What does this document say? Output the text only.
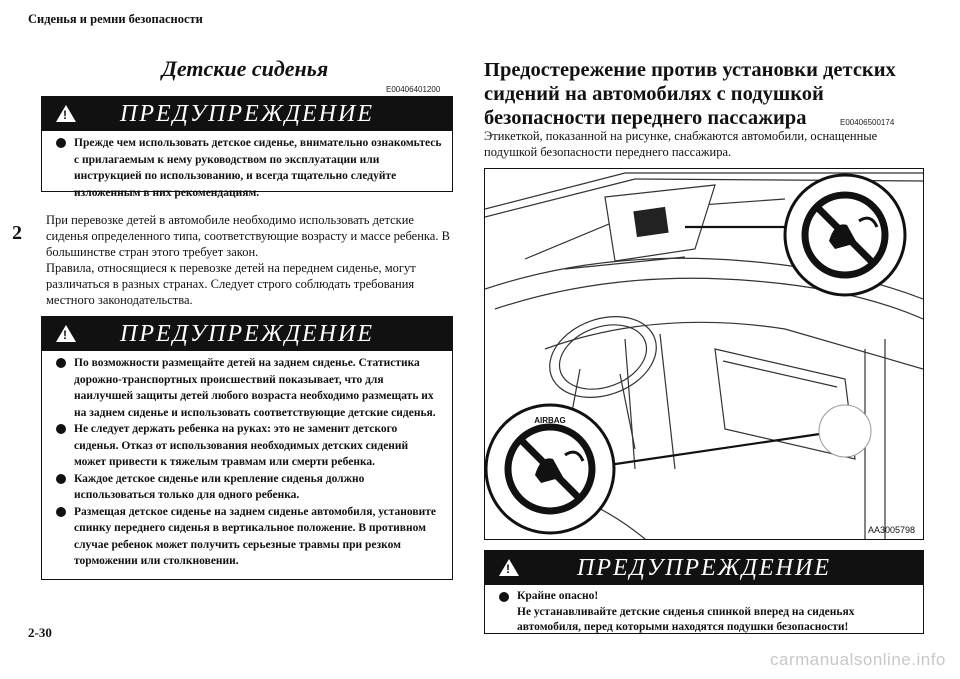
Сиденья и ремни безопасности
2
2-30
Детские сиденья
E00406401200
!
ПРЕДУПРЕЖДЕНИЕ
Прежде чем использовать детское сиденье, внимательно ознакомьтесь с прилагаемым к нему руководством по эксплуатации или инструкцией по использованию, и всегда тщательно следуйте изложенным в них рекомендациям.
При перевозке детей в автомобиле необходимо использовать детские сиденья определенного типа, соответствующие возрасту и массе ребенка. В большинстве стран этого требует закон.
Правила, относящиеся к перевозке детей на переднем сиденье, могут различаться в разных странах. Следует строго соблюдать требования местного законодательства.
!
ПРЕДУПРЕЖДЕНИЕ
По возможности размещайте детей на заднем сиденье. Статистика дорожно-транспортных происшествий показывает, что для наилучшей защиты детей любого возраста необходимо размещать их на заднем сиденье и использовать соответствующие детские сиденья.
Не следует держать ребенка на руках: это не заменит детского сиденья. Отказ от использования необходимых детских сидений может привести к тяжелым травмам или смерти ребенка.
Каждое детское сиденье или крепление сиденья должно использоваться только для одного ребенка.
Размещая детское сиденье на заднем сиденье автомобиля, установите спинку переднего сиденья в вертикальное положение. В противном случае ребенок может получить серьезные травмы при резком торможении или столкновении.
Предостережение против установки детских сидений на автомобилях с подушкой безопасности переднего пассажира	E00406500174
Этикеткой, показанной на рисунке, снабжаются автомобили, оснащенные подушкой безопасности переднего пассажира.
AIRBAG
AA3005798
!
ПРЕДУПРЕЖДЕНИЕ
Крайне опасно!
Не устанавливайте детские сиденья спинкой вперед на сиденьях автомобиля, перед которыми находятся подушки безопасности!
carmanualsonline.info
